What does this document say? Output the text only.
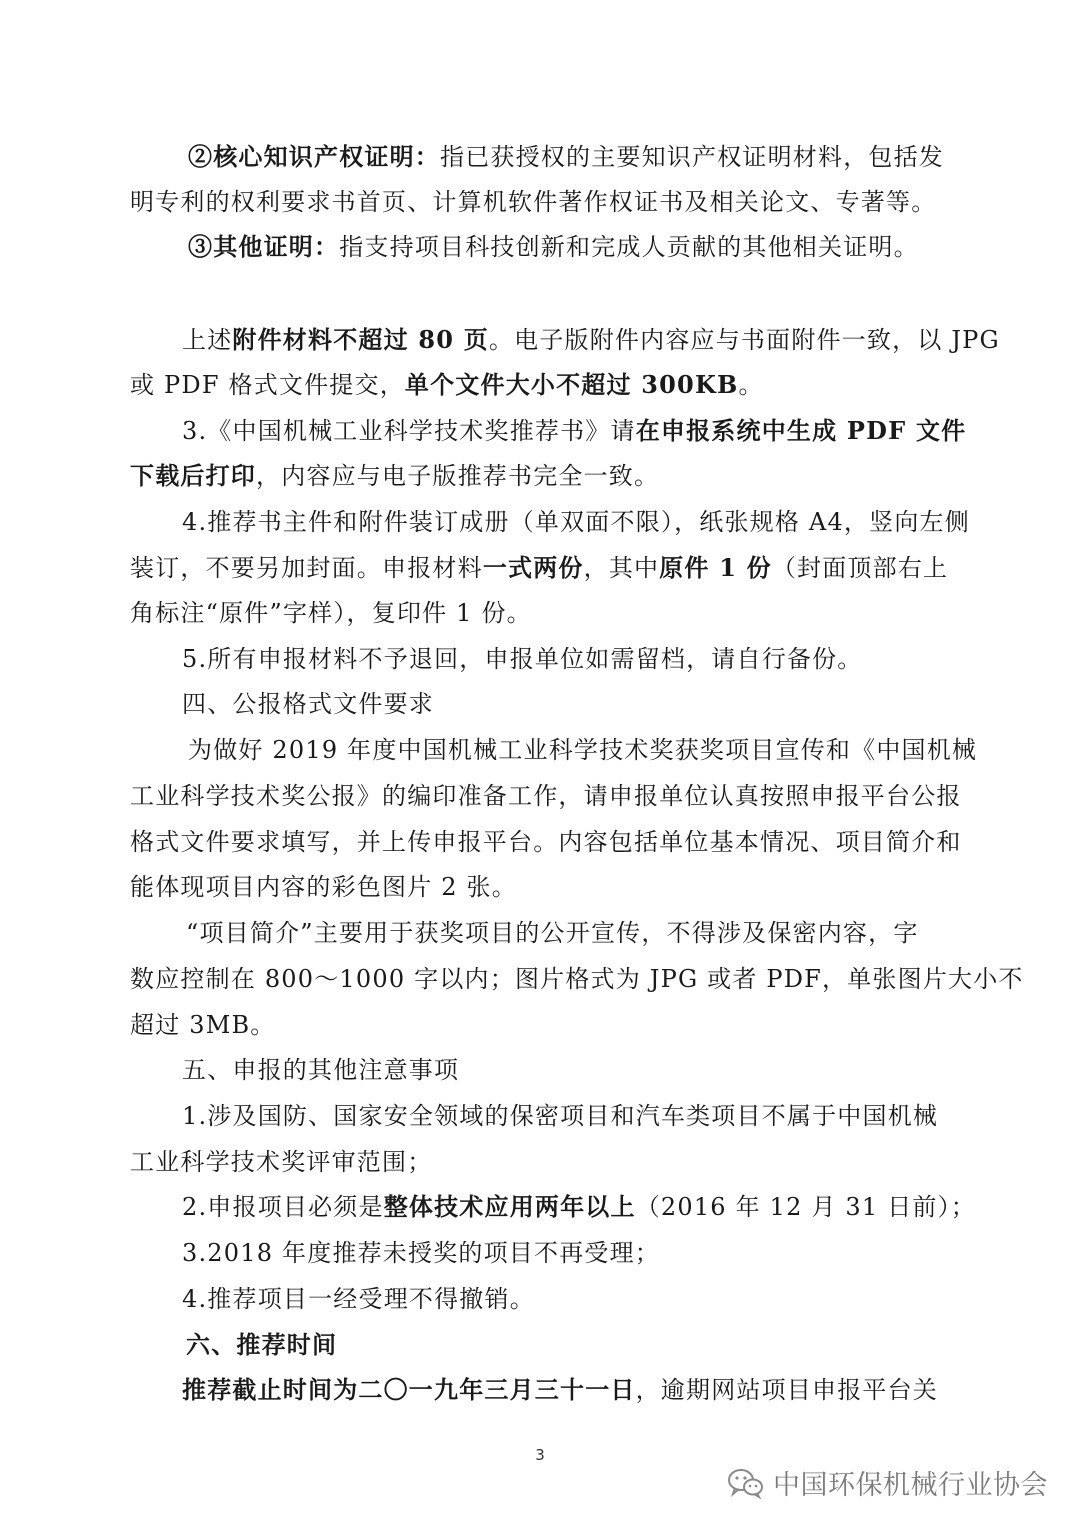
②核心知识产权证明：指已获授权的主要知识产权证明材料，包括发
明专利的权利要求书首页、计算机软件著作权证书及相关论文、专著等。
③其他证明：指支持项目科技创新和完成人贡献的其他相关证明。
上述附件材料不超过 80 页。电子版附件内容应与书面附件一致，以 JPG
或 PDF 格式文件提交，单个文件大小不超过 300KB。
3.《中国机械工业科学技术奖推荐书》请在申报系统中生成 PDF 文件
下载后打印，内容应与电子版推荐书完全一致。
4.推荐书主件和附件装订成册（单双面不限），纸张规格 A4，竖向左侧
装订，不要另加封面。申报材料一式两份，其中原件 1 份（封面顶部右上
角标注“原件”字样），复印件 1 份。
5.所有申报材料不予退回，申报单位如需留档，请自行备份。
四、公报格式文件要求
为做好 2019 年度中国机械工业科学技术奖获奖项目宣传和《中国机械
工业科学技术奖公报》的编印准备工作，请申报单位认真按照申报平台公报
格式文件要求填写，并上传申报平台。内容包括单位基本情况、项目简介和
能体现项目内容的彩色图片 2 张。
“项目简介”主要用于获奖项目的公开宣传，不得涉及保密内容，字
数应控制在 800～1000 字以内；图片格式为 JPG 或者 PDF，单张图片大小不
超过 3MB。
五、申报的其他注意事项
1.涉及国防、国家安全领域的保密项目和汽车类项目不属于中国机械
工业科学技术奖评审范围；
2.申报项目必须是整体技术应用两年以上（2016 年 12 月 31 日前）；
3.2018 年度推荐未授奖的项目不再受理；
4.推荐项目一经受理不得撤销。
六、推荐时间
推荐截止时间为二〇一九年三月三十一日，逾期网站项目申报平台关
3
中国环保机械行业协会
